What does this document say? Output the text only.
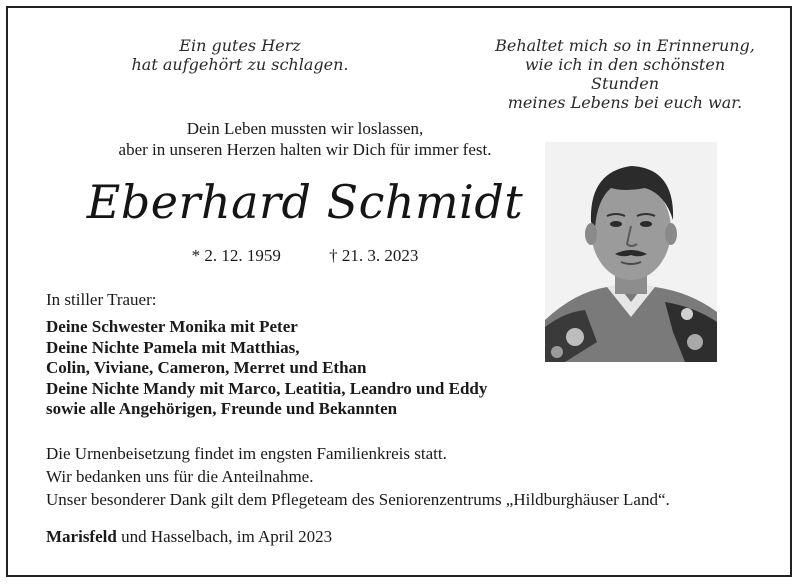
Ein gutes Herz
hat aufgehört zu schlagen.
Behaltet mich so in Erinnerung,
wie ich in den schönsten Stunden
meines Lebens bei euch war.
Dein Leben mussten wir loslassen,
aber in unseren Herzen halten wir Dich für immer fest.
Eberhard Schmidt
* 2. 12. 1959	† 21. 3. 2023
In stiller Trauer:
Deine Schwester Monika mit Peter
Deine Nichte Pamela mit Matthias,
Colin, Viviane, Cameron, Merret und Ethan
Deine Nichte Mandy mit Marco, Leatitia, Leandro und Eddy
sowie alle Angehörigen, Freunde und Bekannten
Die Urnenbeisetzung findet im engsten Familienkreis statt.
Wir bedanken uns für die Anteilnahme.
Unser besonderer Dank gilt dem Pflegeteam des Seniorenzentrums „Hildburghäuser Land“.
Marisfeld und Hasselbach, im April 2023
